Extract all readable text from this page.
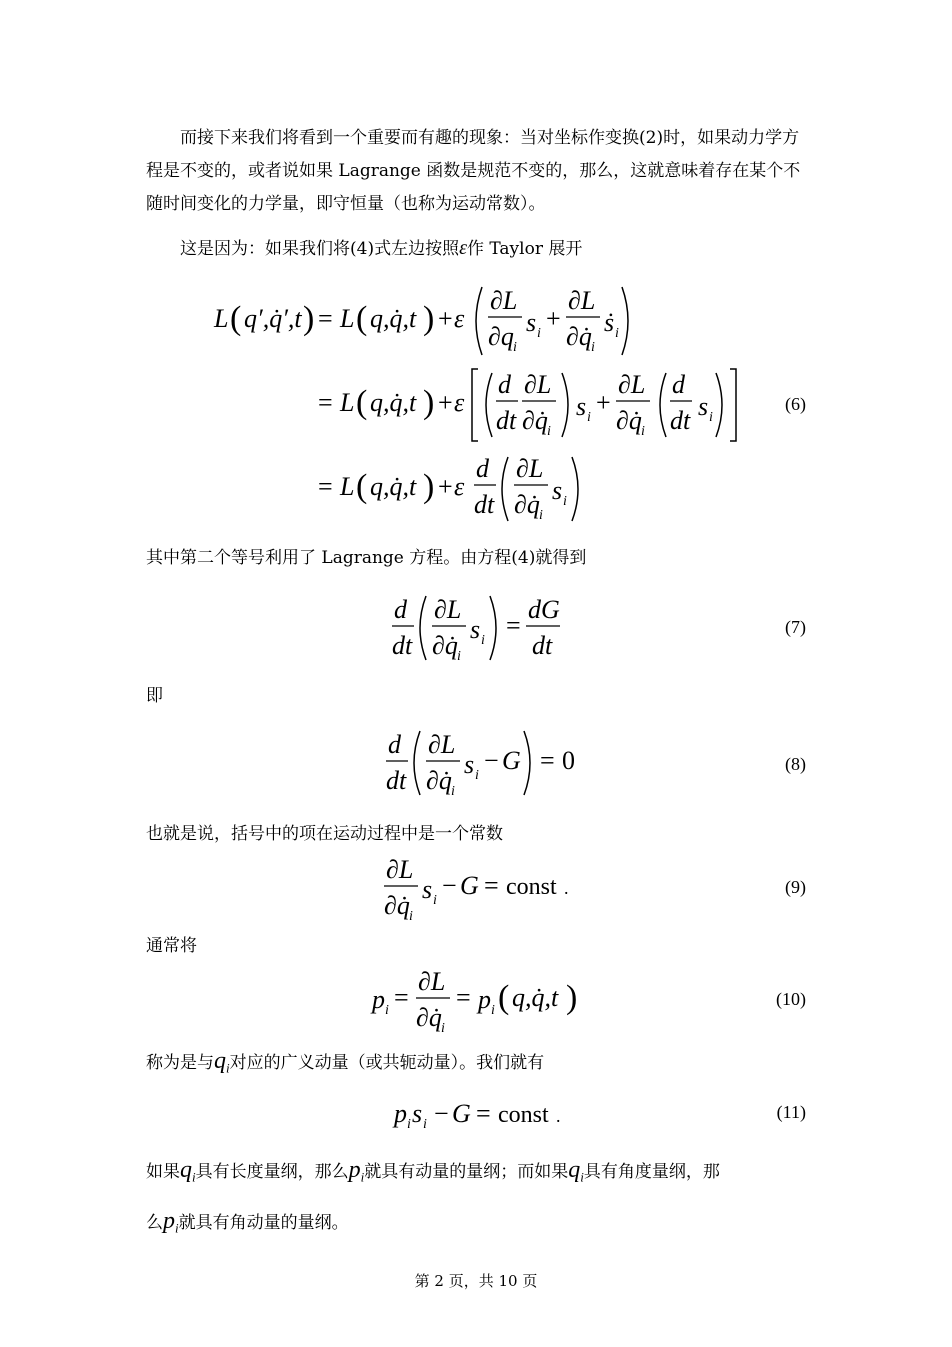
而接下来我们将看到一个重要而有趣的现象：当对坐标作变换(2)时，如果动力学方程是不变的，或者说如果 Lagrange 函数是规范不变的，那么，这就意味着存在某个不随时间变化的力学量，即守恒量（也称为运动常数）。
这是因为：如果我们将(4)式左边按照ε作 Taylor 展开
L ( q′,q̇′,t ) = L ( q,q̇,t ) + ε
∂L
∂q i
s i
+
∂L
∂q̇ i
ṡ i
= L ( q,q̇,t ) + ε
d
dt
∂L
∂q̇ i
s i
+
∂L
∂q̇ i
d
dt s i
= L ( q,q̇,t ) + ε
d
dt
∂L
∂q̇ i
s i
(6)
其中第二个等号利用了 Lagrange 方程。由方程(4)就得到
d
dt
∂L
∂q̇ i
s i
=
dG
dt
(7)
即
d
dt
∂L
∂q̇ i
s i
− G = 0	(8)
也就是说，括号中的项在运动过程中是一个常数
∂L
∂q̇ i
s i
− G = const .	(9)
通常将
p i =
∂L
∂q̇ i
= p i ( q,q̇,t )	(10)
称为是与$q_i$对应的广义动量（或共轭动量）。我们就有
p i s i − G = const .	(11)
如果$q_i$具有长度量纲，那么$p_i$就具有动量的量纲；而如果$q_i$具有角度量纲，那
么$p_i$就具有角动量的量纲。
第 2 页，共 10 页
